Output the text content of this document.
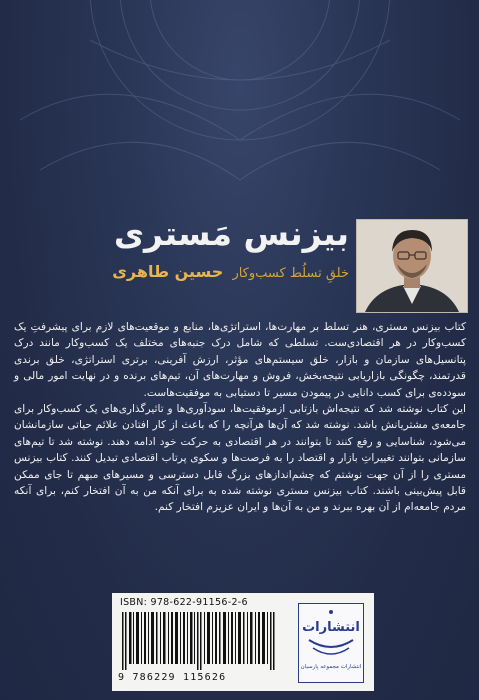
بیزنس مَستری
خلقِ تسلُط کسب‌وکار حسین طاهری

کتاب بیزنس مستری، هنر تسلط بر مهارت‌ها، استراتژی‌ها، منابع و موقعیت‌های لازم برای پیشرفتِ یک کسب‌وکار در هر اقتصادی‌ست. تسلطی که شامل درک جنبه‌های مختلف یک کسب‌وکار مانند درک پتانسیل‌های سازمان و بازار، خلق سیستم‌های مؤثر، ارزش آفرینی، برتری استراتژی، خلق برندی قدرتمند، چگونگی بازاریابی نتیجه‌بخش، فروش و مهارت‌های آن، تیم‌های برنده و در نهایت امور مالی و سودده‌ی برای کسب دانایی در پیمودن مسیر تا دستیابی به موفقیت‌هاست.

این کتاب نوشته شد که نتیجه‌اش بازتابی ازموفقیت‌ها، سودآوری‌ها و تاثیرگذاری‌های یک کسب‌وکار برای جامعه‌ی مشتریانش باشد. نوشته شد که آن‌ها هرآنچه را که باعث از کار افتادن علائم حیاتی سازمانشان می‌شود، شناسایی و رفع کنند تا بتوانند در هر اقتصادی به حرکت خود ادامه دهند. نوشته شد تا تیم‌های سازمانی بتوانند تغییراتِ بازار و اقتصاد را به فرصت‌ها و سکوی پرتاب اقتصادی تبدیل کنند. کتاب بیزنس مستری را از آن جهت نوشتم که چشم‌اندازهای بزرگ قابل دسترسی و مسیرهای مبهم تا جای ممکن قابل پیش‌بینی باشند. کتاب بیزنس مستری نوشته شده به‌ برای آنکه من به آن افتخار کنم، برای آنکه مردم جامعه‌ام از آن بهره ببرند و من به آن‌ها و ایران عزیزم افتخار کنم.

ISBN: 978-622-91156-2-6
9 786229 115626
انتشارات
انتشارات مجموعه پارسیان
